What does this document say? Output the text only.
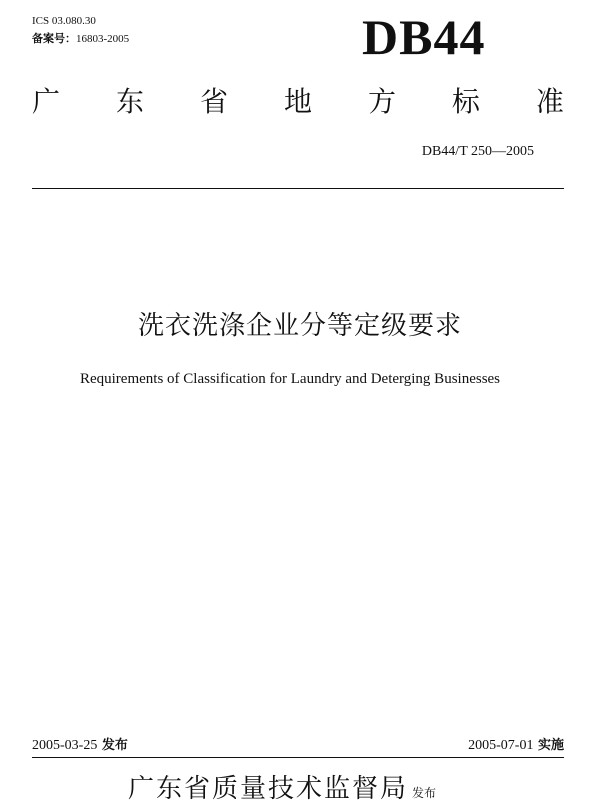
ICS 03.080.30
备案号：16803-2005	DB44
广 东 省 地 方 标 准
DB44/T 250—2005
洗衣洗涤企业分等定级要求
Requirements of Classification for Laundry and Deterging Businesses
2005-03-25 发布	2005-07-01 实施
广东省质量技术监督局 发布
